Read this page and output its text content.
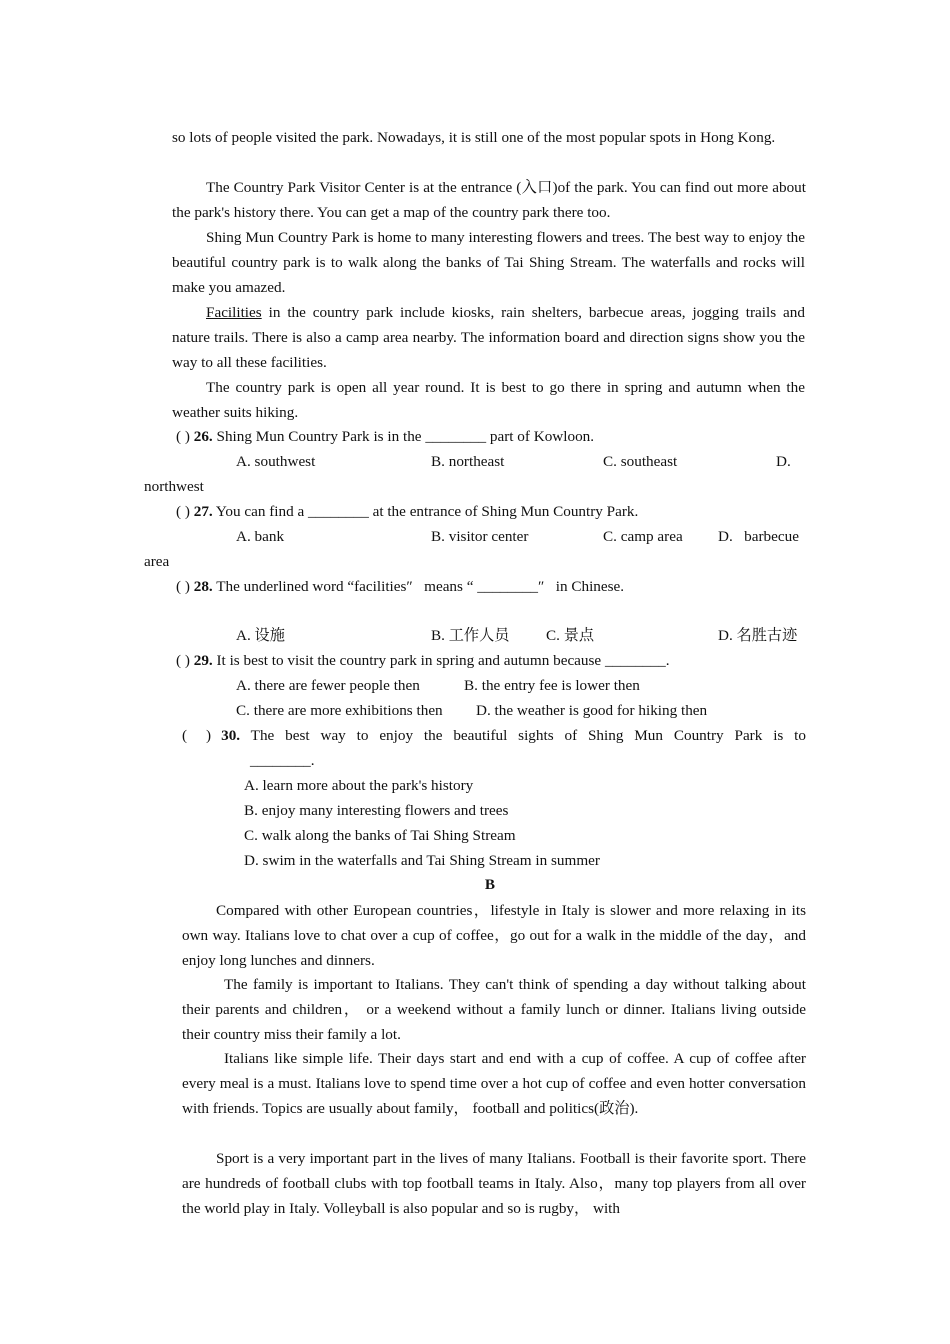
so lots of people visited the park. Nowadays, it is still one of the most popular spots in Hong Kong.

The Country Park Visitor Center is at the entrance (入口)of the park. You can find out more about the park's history there. You can get a map of the country park there too.

Shing Mun Country Park is home to many interesting flowers and trees. The best way to enjoy the beautiful country park is to walk along the banks of Tai Shing Stream. The waterfalls and rocks will make you amazed.

Facilities in the country park include kiosks, rain shelters, barbecue areas, jogging trails and nature trails. There is also a camp area nearby. The information board and direction signs show you the way to all these facilities.

The country park is open all year round. It is best to go there in spring and autumn when the weather suits hiking.

( ) 26. Shing Mun Country Park is in the ________ part of Kowloon.
A. southwest	B. northeast	C. southeast	D.
northwest
( ) 27. You can find a ________ at the entrance of Shing Mun Country Park.
A. bank	B. visitor center	C. camp area D.   barbecue
area
( ) 28. The underlined word “facilities″   means “ ________″   in Chinese.
A. 设施	B. 工作人员 C. 景点	D. 名胜古迹
( ) 29. It is best to visit the country park in spring and autumn because ________.
A. there are fewer people then	B. the entry fee is lower then
C. there are more exhibitions then D. the weather is good for hiking then
(     ) 30. The best way to enjoy the beautiful sights of Shing Mun Country Park is to
________.
A. learn more about the park's history
B. enjoy many interesting flowers and trees
C. walk along the banks of Tai Shing Stream
D. swim in the waterfalls and Tai Shing Stream in summer
B

Compared with other European countries，lifestyle in Italy is slower and more relaxing in its own way. Italians love to chat over a cup of coffee，go out for a walk in the middle of the day，and enjoy long lunches and dinners.

The family is important to Italians. They can't think of spending a day without talking about their parents and children， or a weekend without a family lunch or dinner. Italians living outside their country miss their family a lot.

Italians like simple life. Their days start and end with a cup of coffee. A cup of coffee after every meal is a must. Italians love to spend time over a hot cup of coffee and even hotter conversation with friends. Topics are usually about family， football and politics(政治).

Sport is a very important part in the lives of many Italians. Football is their favorite sport. There are hundreds of football clubs with top football teams in Italy. Also，many top players from all over the world play in Italy. Volleyball is also popular and so is rugby， with
